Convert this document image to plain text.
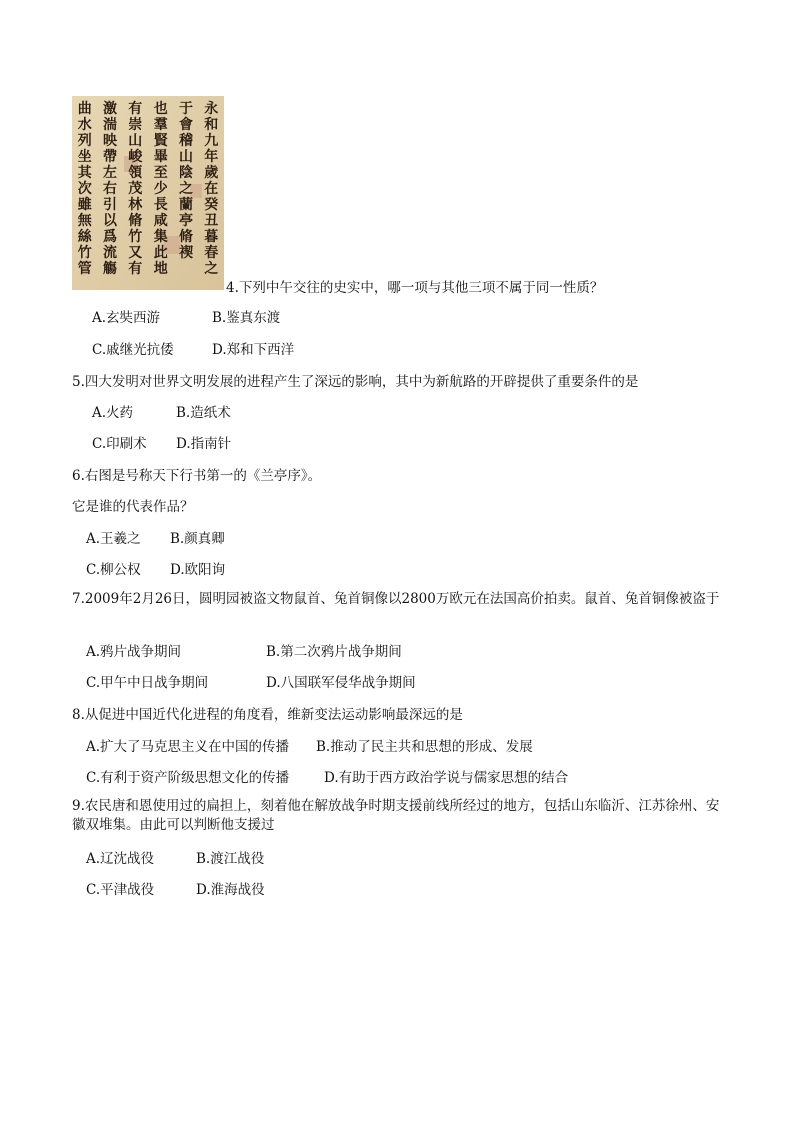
永
和
九
年
歲
在
癸
丑
暮
春
之
于
會
稽
山
陰
之
蘭
亭
脩
禊
也
羣
賢
畢
至
少
長
咸
集
此
地
有
崇
山
峻
領
茂
林
脩
竹
又
有
激
湍
映
帶
左
右
引
以
爲
流
觴
曲
水
列
坐
其
次
雖
無
絲
竹
管
4.下列中午交往的史实中，哪一项与其他三项不属于同一性质？
A.玄奘西游	B.鉴真东渡
C.戚继光抗倭	D.郑和下西洋
5.四大发明对世界文明发展的进程产生了深远的影响，其中为新航路的开辟提供了重要条件的是
A.火药	B.造纸术
C.印刷术 D.指南针
6.右图是号称天下行书第一的《兰亭序》。
它是谁的代表作品？
A.王羲之 B.颜真卿
C.柳公权 D.欧阳询
7.2009年2月26日，圆明园被盗文物鼠首、兔首铜像以2800万欧元在法国高价拍卖。鼠首、兔首铜像被盗于
A.鸦片战争期间	B.第二次鸦片战争期间
C.甲午中日战争期间	D.八国联军侵华战争期间
8.从促进中国近代化进程的角度看，维新变法运动影响最深远的是
A.扩大了马克思主义在中国的传播 B.推动了民主共和思想的形成、发展
C.有利于资产阶级思想文化的传播	D.有助于西方政治学说与儒家思想的结合
9.农民唐和恩使用过的扁担上，刻着他在解放战争时期支援前线所经过的地方，包括山东临沂、江苏徐州、安徽双堆集。由此可以判断他支援过
A.辽沈战役	B.渡江战役
C.平津战役	D.淮海战役
